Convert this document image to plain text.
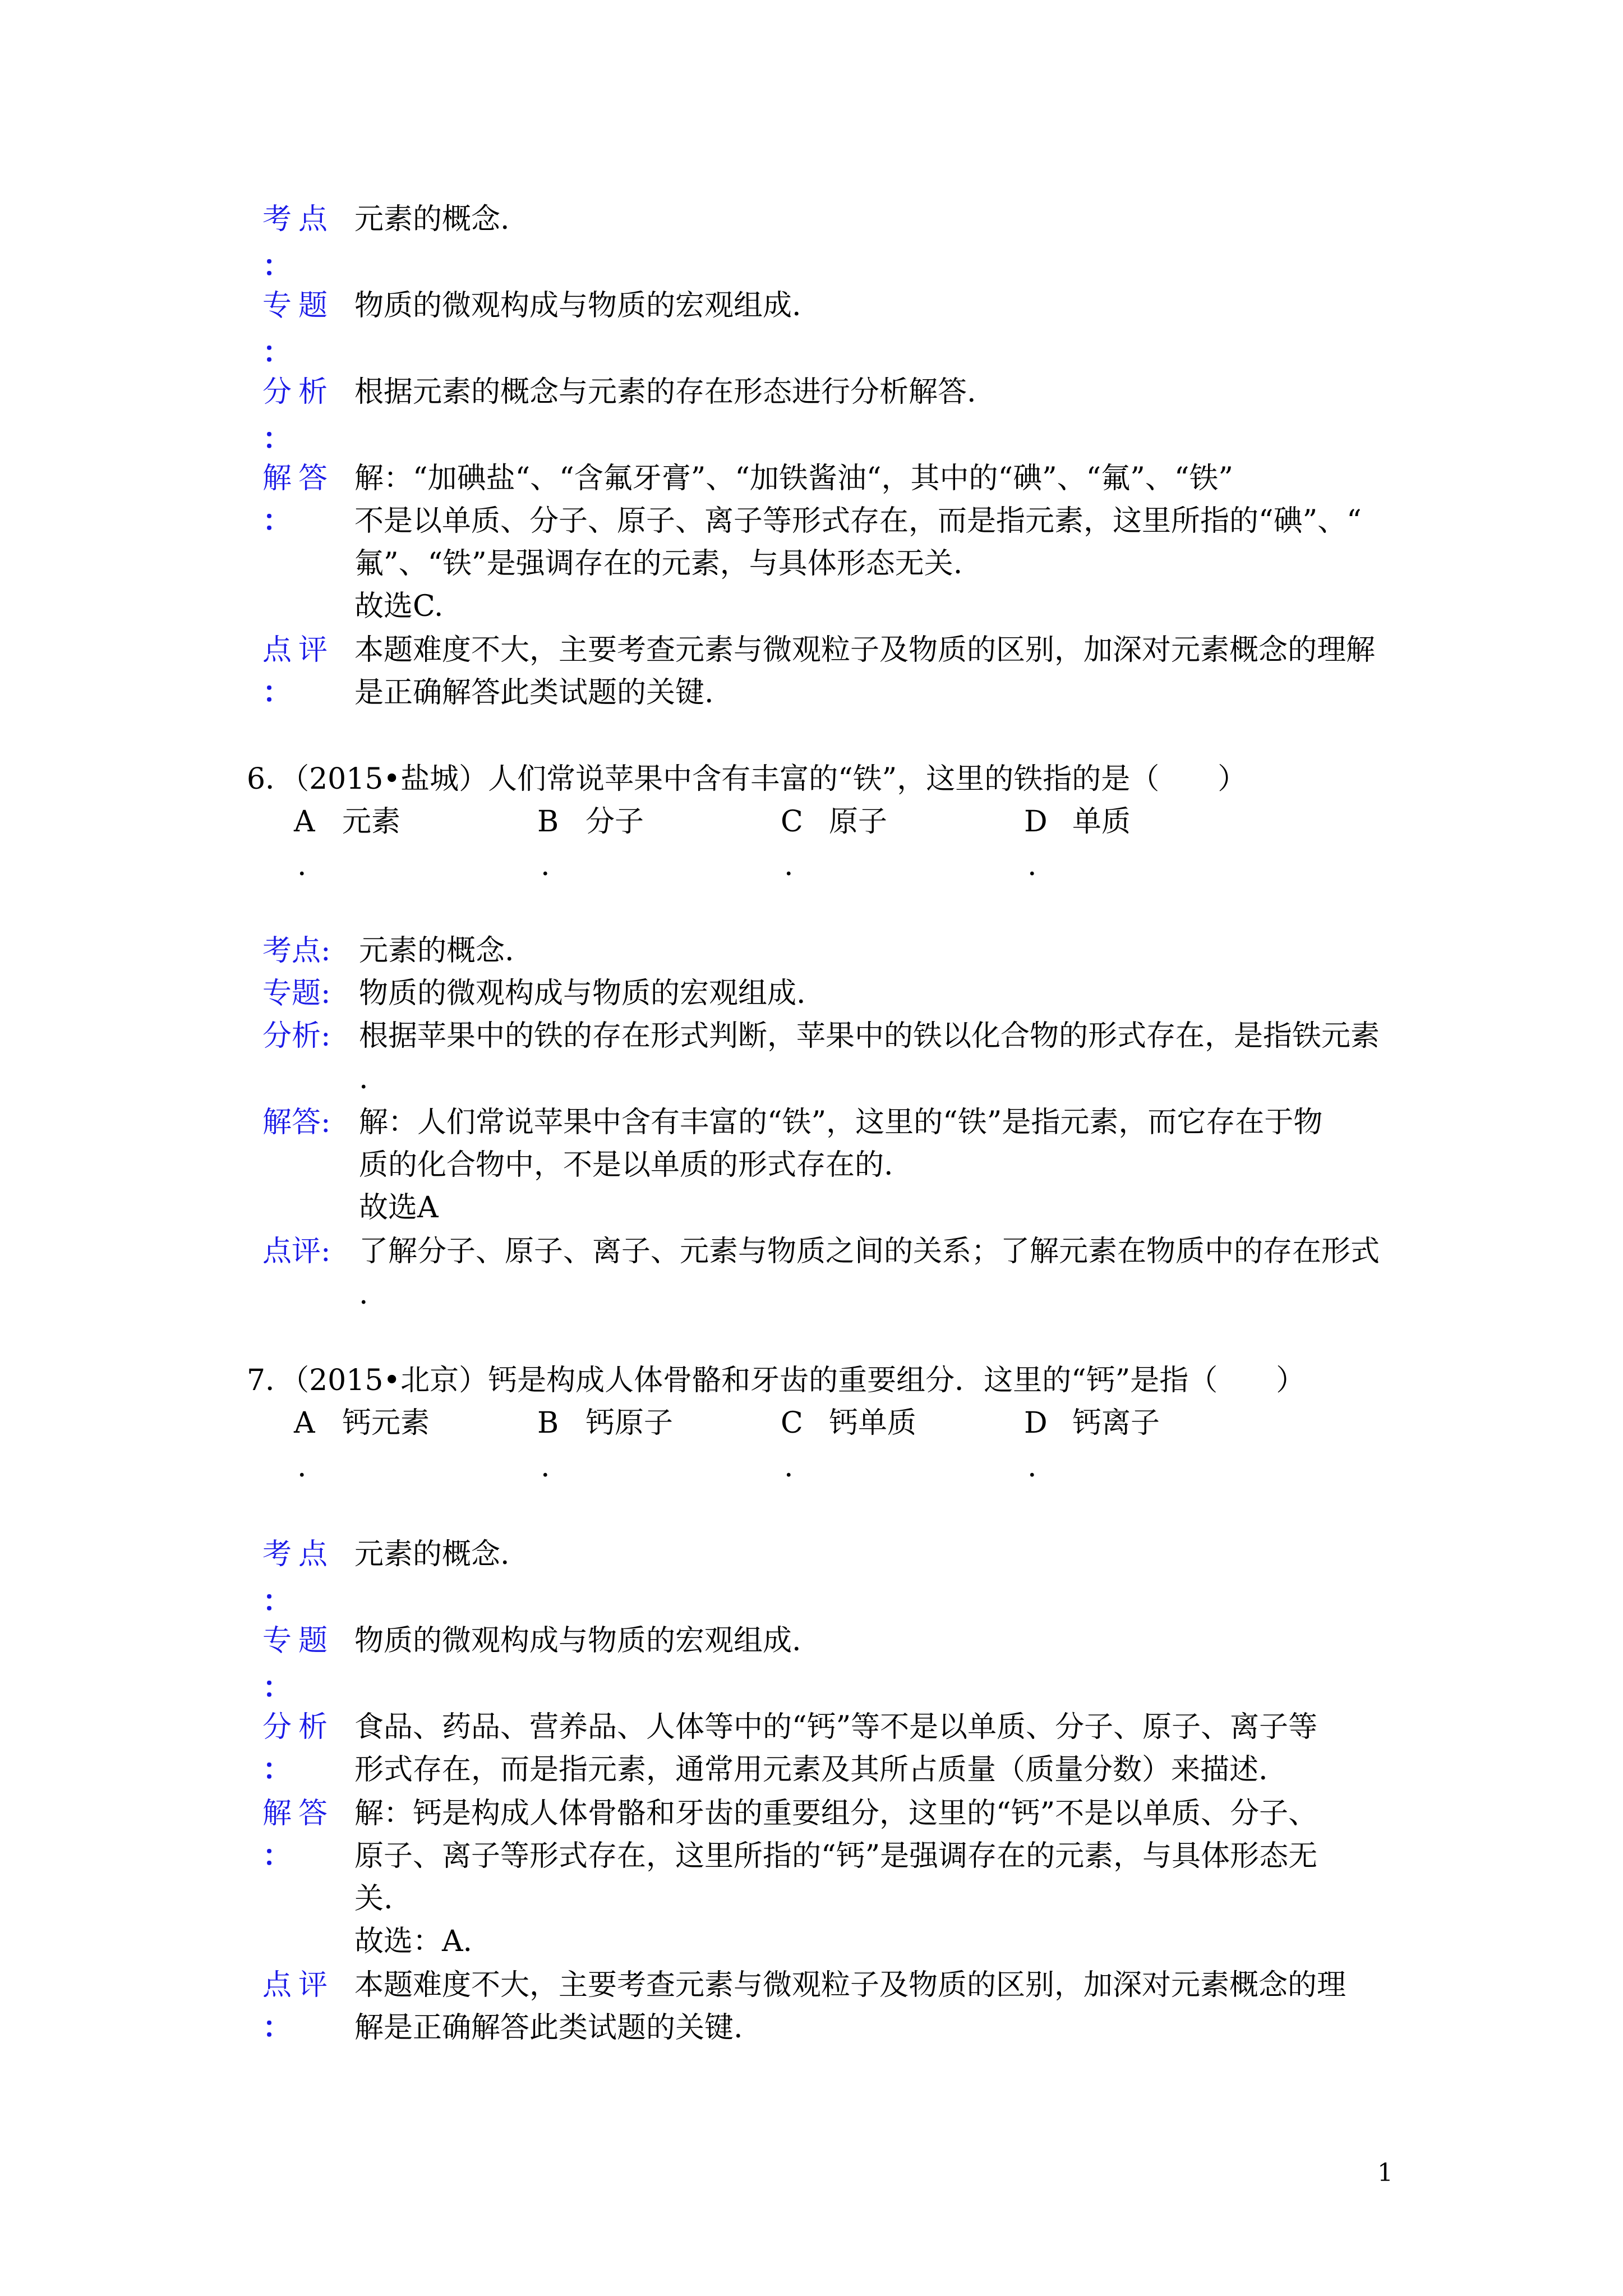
考点 元素的概念.
：
专题 物质的微观构成与物质的宏观组成.
：
分析 根据元素的概念与元素的存在形态进行分析解答.
：
解答 解：“加碘盐“、“含氟牙膏”、“加铁酱油“，其中的“碘”、“氟”、“铁”
： 不是以单质、分子、原子、离子等形式存在，而是指元素，这里所指的“碘”、“
氟”、“铁”是强调存在的元素，与具体形态无关.
故选C.
点评 本题难度不大，主要考查元素与微观粒子及物质的区别，加深对元素概念的理解
： 是正确解答此类试题的关键.
6．（2015•盐城）人们常说苹果中含有丰富的“铁”，这里的铁指的是（　　）
A 元素	B 分子	C 原子	D 单质
.	.	.	.
考点: 元素的概念.
专题: 物质的微观构成与物质的宏观组成.
分析: 根据苹果中的铁的存在形式判断，苹果中的铁以化合物的形式存在，是指铁元素
.
解答: 解：人们常说苹果中含有丰富的“铁”，这里的“铁”是指元素，而它存在于物
质的化合物中，不是以单质的形式存在的.
故选A
点评: 了解分子、原子、离子、元素与物质之间的关系；了解元素在物质中的存在形式
.
7．（2015•北京）钙是构成人体骨骼和牙齿的重要组分．这里的“钙”是指（　　）
A 钙元素	B 钙原子	C 钙单质	D 钙离子
.	.	.	.
考点 元素的概念.
：
专题 物质的微观构成与物质的宏观组成.
：
分析 食品、药品、营养品、人体等中的“钙”等不是以单质、分子、原子、离子等
： 形式存在，而是指元素，通常用元素及其所占质量（质量分数）来描述.
解答 解：钙是构成人体骨骼和牙齿的重要组分，这里的“钙”不是以单质、分子、
： 原子、离子等形式存在，这里所指的“钙”是强调存在的元素，与具体形态无
关.
故选：A.
点评 本题难度不大，主要考查元素与微观粒子及物质的区别，加深对元素概念的理
： 解是正确解答此类试题的关键.
1
